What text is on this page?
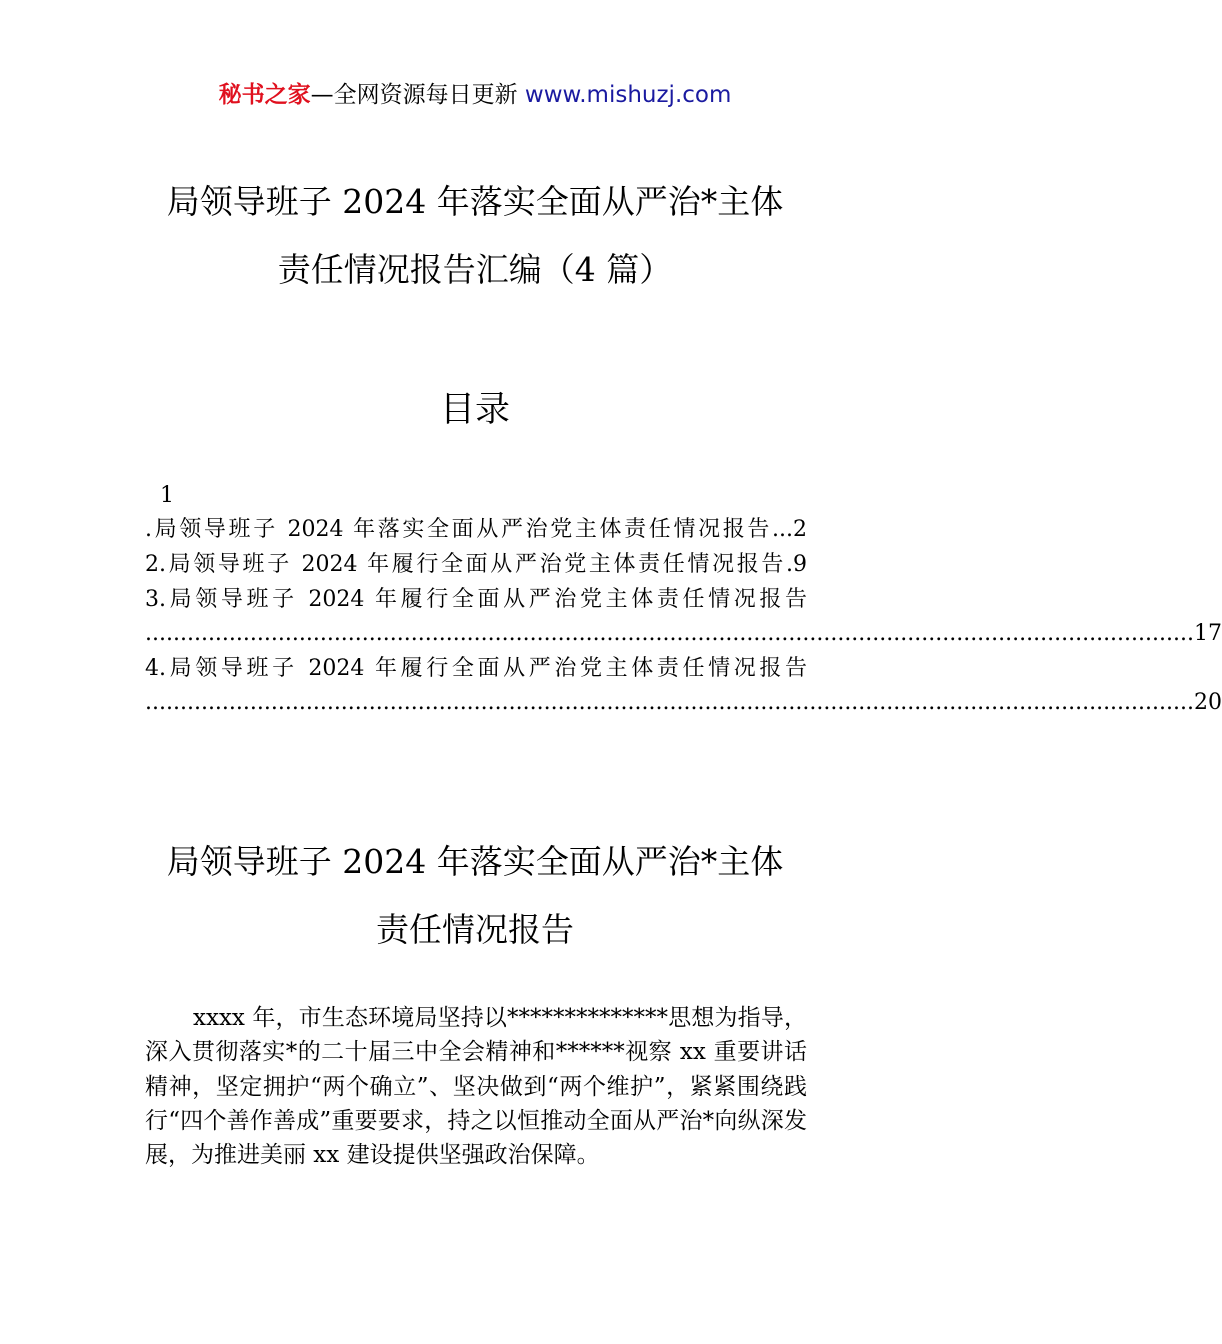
秘书之家—全网资源每日更新 www.mishuzj.com
局领导班子 2024 年落实全面从严治*主体
责任情况报告汇编（4 篇）
目录
1
.局领导班子 2024 年落实全面从严治党主体责任情况报告...2
2.局领导班子 2024 年履行全面从严治党主体责任情况报告.9
3.局领导班子 2024 年履行全面从严治党主体责任情况报告
...................................................................................................................................................... 17
4.局领导班子 2024 年履行全面从严治党主体责任情况报告
...................................................................................................................................................... 20
局领导班子 2024 年落实全面从严治*主体
责任情况报告
xxxx 年，市生态环境局坚持以**************思想为指导，深入贯彻落实*的二十届三中全会精神和******视察 xx 重要讲话精神，坚定拥护“两个确立”、坚决做到“两个维护”，紧紧围绕践行“四个善作善成”重要要求，持之以恒推动全面从严治*向纵深发展，为推进美丽 xx 建设提供坚强政治保障。
